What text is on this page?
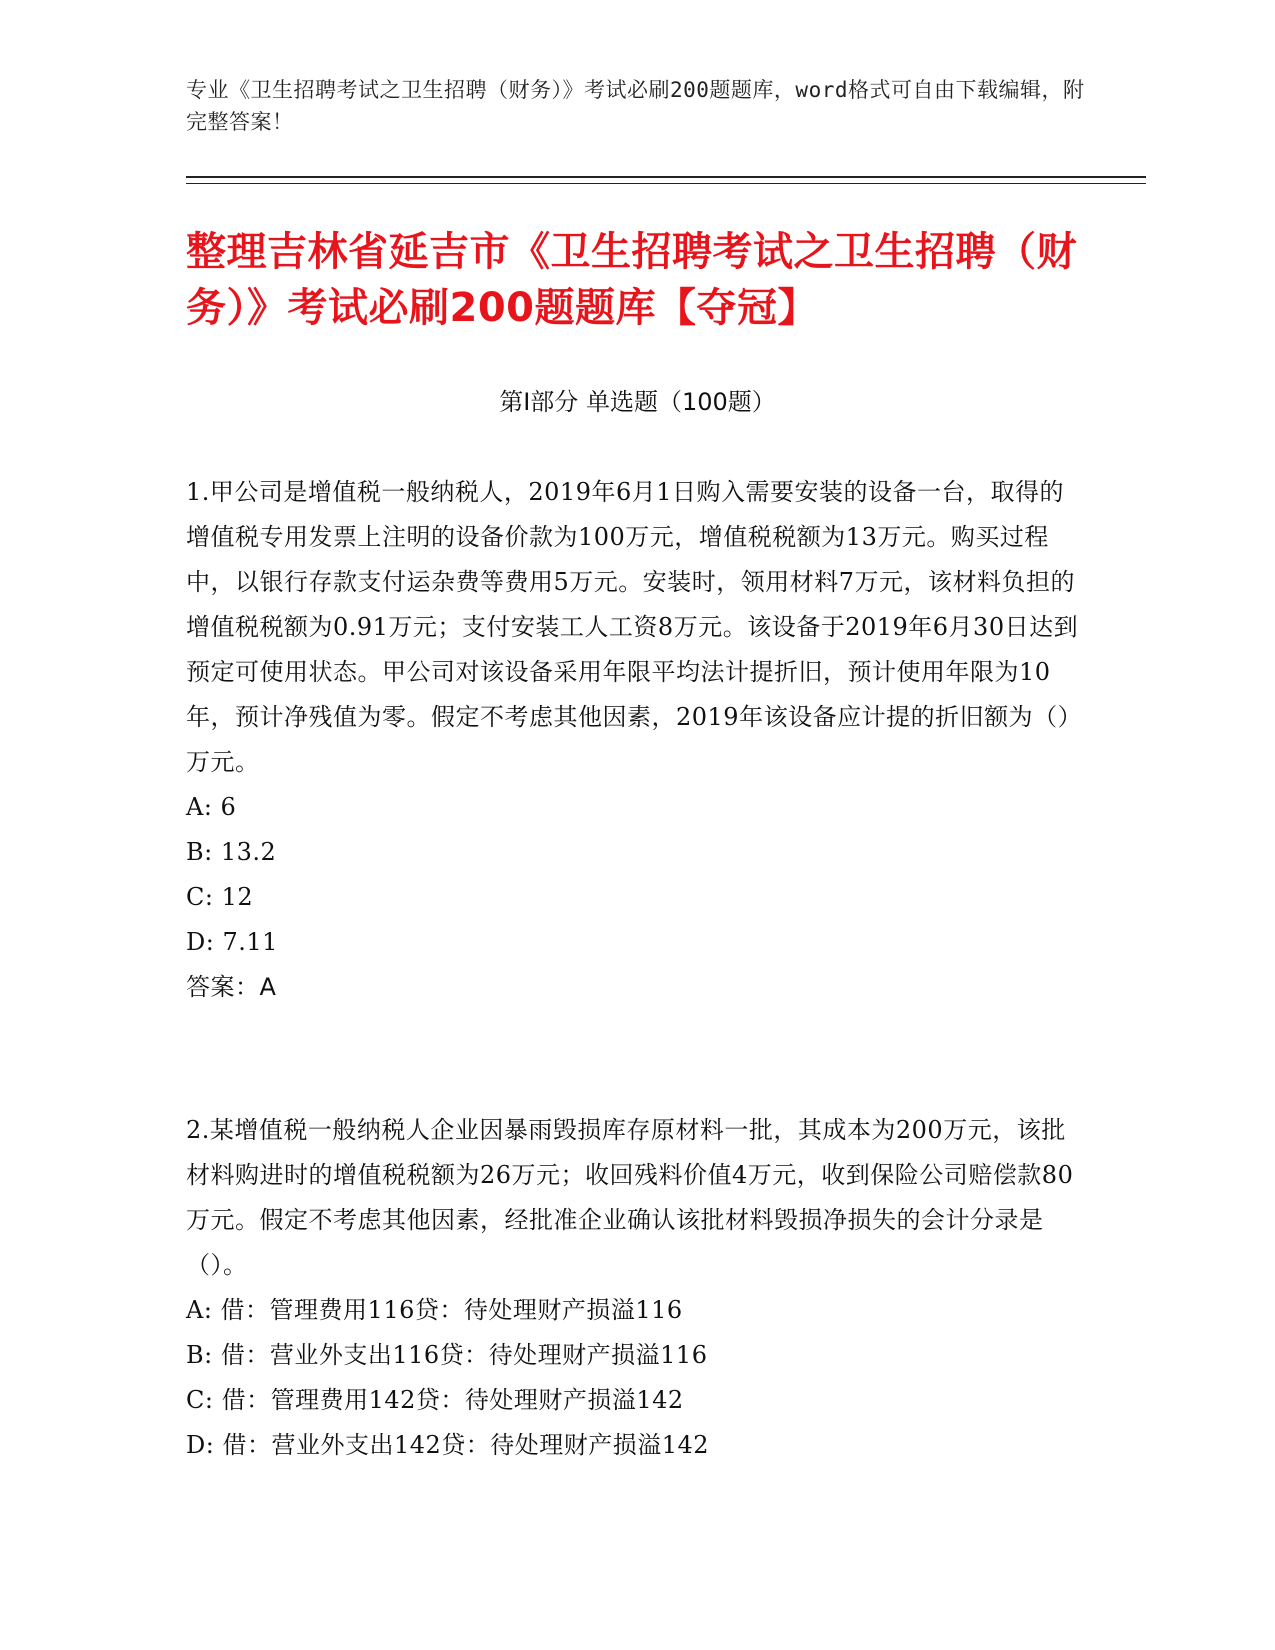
专业《卫生招聘考试之卫生招聘（财务）》考试必刷200题题库，word格式可自由下载编辑，附完整答案！
整理吉林省延吉市《卫生招聘考试之卫生招聘（财务）》考试必刷200题题库【夺冠】
第I部分 单选题（100题）

1.甲公司是增值税一般纳税人，2019年6月1日购入需要安装的设备一台，取得的增值税专用发票上注明的设备价款为100万元，增值税税额为13万元。购买过程中，以银行存款支付运杂费等费用5万元。安装时，领用材料7万元，该材料负担的增值税税额为0.91万元；支付安装工人工资8万元。该设备于2019年6月30日达到预定可使用状态。甲公司对该设备采用年限平均法计提折旧，预计使用年限为10年，预计净残值为零。假定不考虑其他因素，2019年该设备应计提的折旧额为（）万元。

A: 6

B: 13.2

C: 12

D: 7.11

答案：A

2.某增值税一般纳税人企业因暴雨毁损库存原材料一批，其成本为200万元，该批材料购进时的增值税税额为26万元；收回残料价值4万元，收到保险公司赔偿款80万元。假定不考虑其他因素，经批准企业确认该批材料毁损净损失的会计分录是（）。

A: 借：管理费用116贷：待处理财产损溢116

B: 借：营业外支出116贷：待处理财产损溢116

C: 借：管理费用142贷：待处理财产损溢142

D: 借：营业外支出142贷：待处理财产损溢142
